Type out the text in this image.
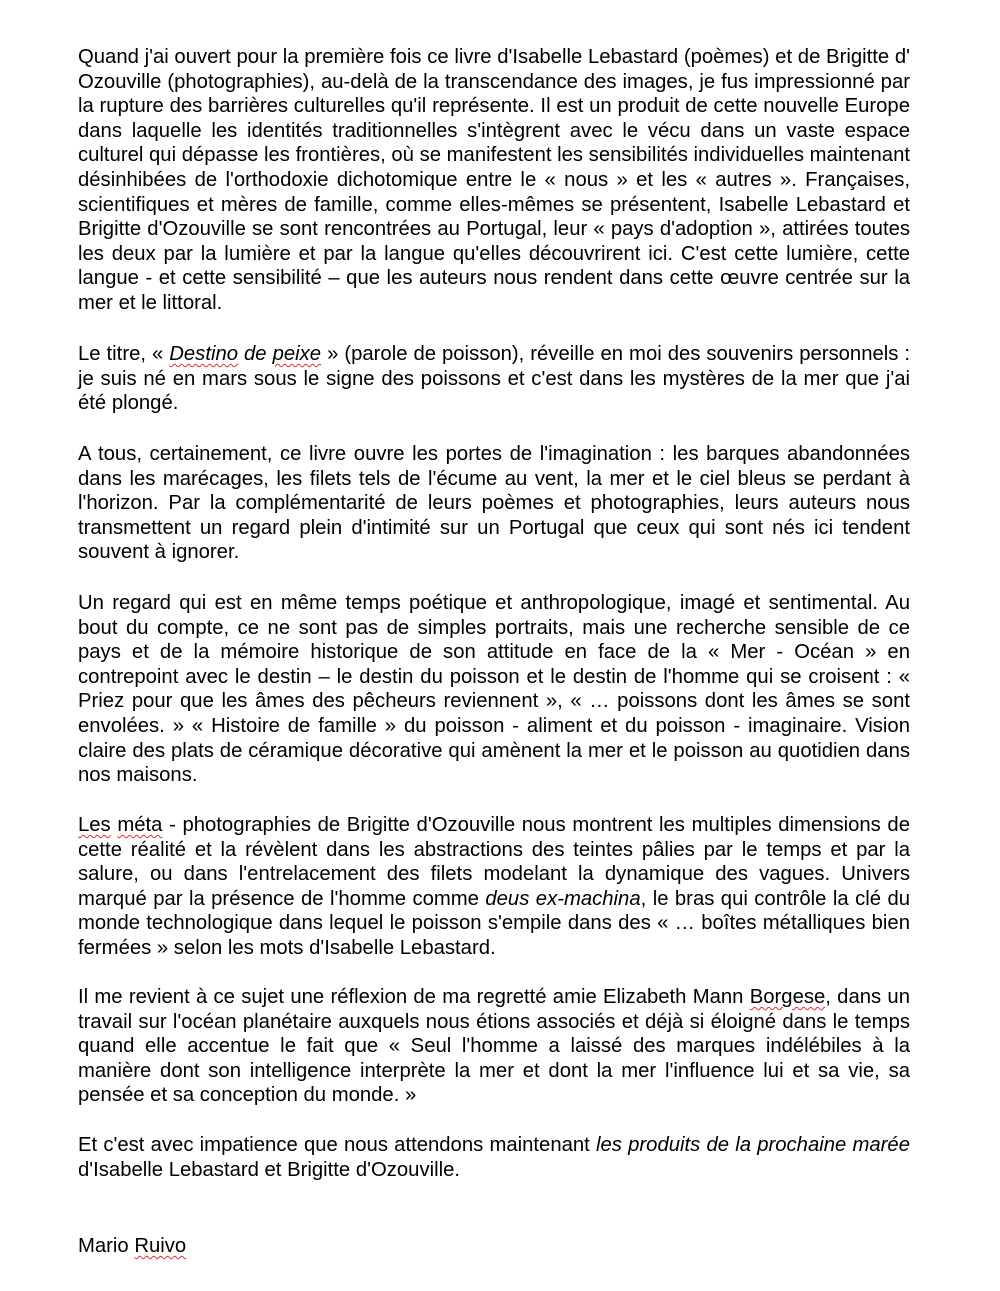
Quand j'ai ouvert pour la première fois ce livre d'Isabelle Lebastard (poèmes) et de Brigitte d' Ozouville (photographies), au-delà de la transcendance des images, je fus impressionné par la rupture des barrières culturelles qu'il représente. Il est un produit de cette nouvelle Europe dans laquelle les identités traditionnelles s'intègrent avec le vécu dans un vaste espace culturel qui dépasse les frontières, où se manifestent les sensibilités individuelles maintenant désinhibées de l'orthodoxie dichotomique entre le « nous » et les « autres ». Françaises, scientifiques et mères de famille, comme elles-mêmes se présentent, Isabelle Lebastard et Brigitte d'Ozouville se sont rencontrées au Portugal, leur « pays d'adoption », attirées toutes les deux par la lumière et par la langue qu'elles découvrirent ici. C'est cette lumière, cette langue - et cette sensibilité – que les auteurs nous rendent dans cette œuvre centrée sur la mer et le littoral.

Le titre, « Destino de peixe » (parole de poisson), réveille en moi des souvenirs personnels : je suis né en mars sous le signe des poissons et c'est dans les mystères de la mer que j'ai été plongé.

A tous, certainement, ce livre ouvre les portes de l'imagination : les barques abandonnées dans les marécages, les filets tels de l'écume au vent, la mer et le ciel bleus se perdant à l'horizon. Par la complémentarité de leurs poèmes et photographies, leurs auteurs nous transmettent un regard plein d'intimité sur un Portugal que ceux qui sont nés ici tendent souvent à ignorer.

Un regard qui est en même temps poétique et anthropologique, imagé et sentimental. Au bout du compte, ce ne sont pas de simples portraits, mais une recherche sensible de ce pays et de la mémoire historique de son attitude en face de la « Mer - Océan » en contrepoint avec le destin – le destin du poisson et le destin de l'homme qui se croisent : « Priez pour que les âmes des pêcheurs reviennent », « … poissons dont les âmes se sont envolées. » « Histoire de famille » du poisson - aliment et du poisson - imaginaire. Vision claire des plats de céramique décorative qui amènent la mer et le poisson au quotidien dans nos maisons.

Les méta - photographies de Brigitte d'Ozouville nous montrent les multiples dimensions de cette réalité et la révèlent dans les abstractions des teintes pâlies par le temps et par la salure, ou dans l'entrelacement des filets modelant la dynamique des vagues. Univers marqué par la présence de l'homme comme deus ex-machina, le bras qui contrôle la clé du monde technologique dans lequel le poisson s'empile dans des « … boîtes métalliques bien fermées » selon les mots d'Isabelle Lebastard.

Il me revient à ce sujet une réflexion de ma regretté amie Elizabeth Mann Borgese, dans un travail sur l'océan planétaire auxquels nous étions associés et déjà si éloigné dans le temps quand elle accentue le fait que « Seul l'homme a laissé des marques indélébiles à la manière dont son intelligence interprète la mer et dont la mer l'influence lui et sa vie, sa pensée et sa conception du monde. »

Et c'est avec impatience que nous attendons maintenant les produits de la prochaine marée d'Isabelle Lebastard et Brigitte d'Ozouville.

Mario Ruivo
